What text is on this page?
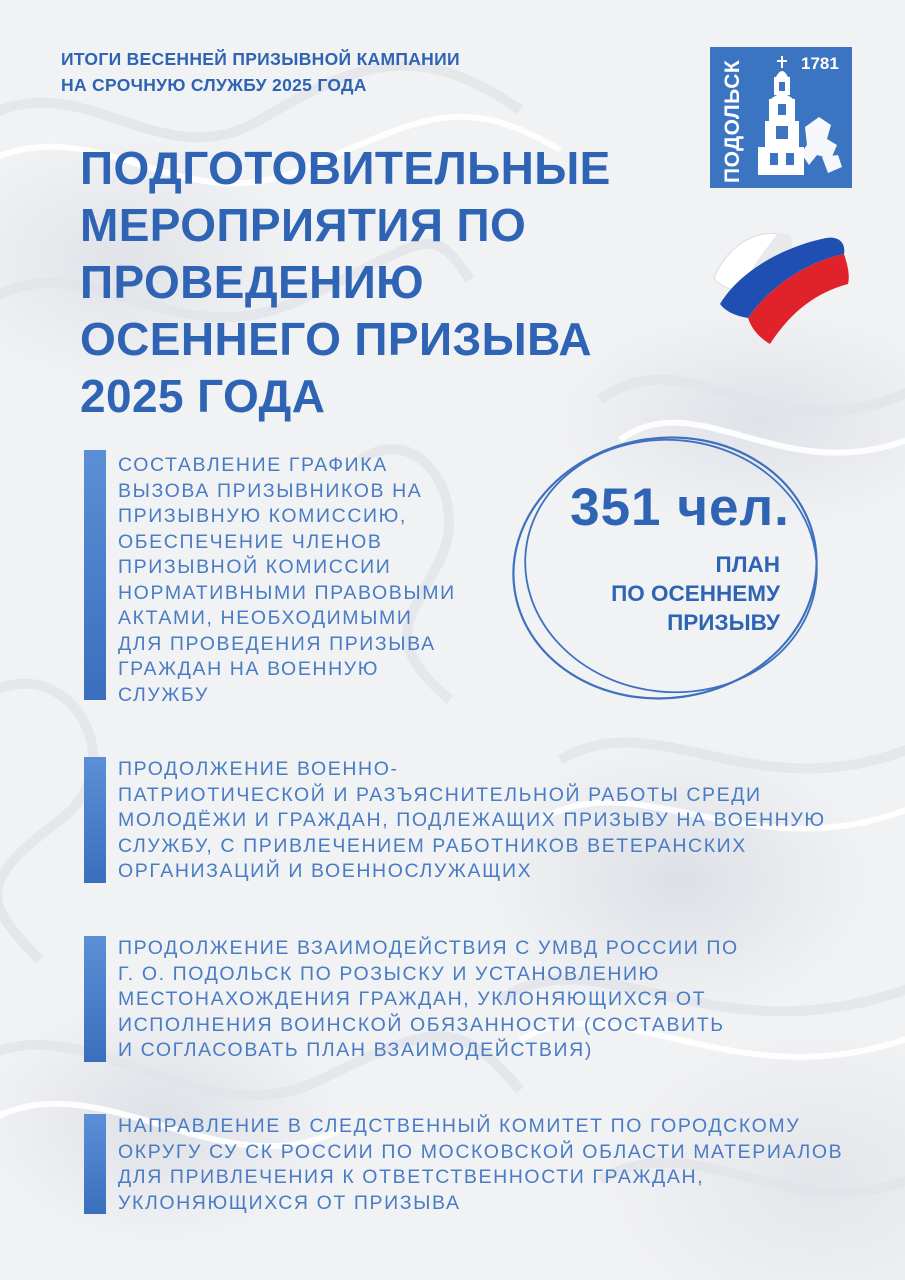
ИТОГИ ВЕСЕННЕЙ ПРИЗЫВНОЙ КАМПАНИИ
НА СРОЧНУЮ СЛУЖБУ 2025 ГОДА
ПОДГОТОВИТЕЛЬНЫЕ
МЕРОПРИЯТИЯ ПО
ПРОВЕДЕНИЮ
ОСЕННЕГО ПРИЗЫВА
2025 ГОДА
ПОДОЛЬСК	1781
351 чел.
ПЛАН
ПО ОСЕННЕМУ
ПРИЗЫВУ
СОСТАВЛЕНИЕ ГРАФИКА
ВЫЗОВА ПРИЗЫВНИКОВ НА
ПРИЗЫВНУЮ КОМИССИЮ,
ОБЕСПЕЧЕНИЕ ЧЛЕНОВ
ПРИЗЫВНОЙ КОМИССИИ
НОРМАТИВНЫМИ ПРАВОВЫМИ
АКТАМИ, НЕОБХОДИМЫМИ
ДЛЯ ПРОВЕДЕНИЯ ПРИЗЫВА
ГРАЖДАН НА ВОЕННУЮ
СЛУЖБУ
ПРОДОЛЖЕНИЕ ВОЕННО-
ПАТРИОТИЧЕСКОЙ И РАЗЪЯСНИТЕЛЬНОЙ РАБОТЫ СРЕДИ
МОЛОДЁЖИ И ГРАЖДАН, ПОДЛЕЖАЩИХ ПРИЗЫВУ НА ВОЕННУЮ
СЛУЖБУ, С ПРИВЛЕЧЕНИЕМ РАБОТНИКОВ ВЕТЕРАНСКИХ
ОРГАНИЗАЦИЙ И ВОЕННОСЛУЖАЩИХ
ПРОДОЛЖЕНИЕ ВЗАИМОДЕЙСТВИЯ С УМВД РОССИИ ПО
Г. О. ПОДОЛЬСК ПО РОЗЫСКУ И УСТАНОВЛЕНИЮ
МЕСТОНАХОЖДЕНИЯ ГРАЖДАН, УКЛОНЯЮЩИХСЯ ОТ
ИСПОЛНЕНИЯ ВОИНСКОЙ ОБЯЗАННОСТИ (СОСТАВИТЬ
И СОГЛАСОВАТЬ ПЛАН ВЗАИМОДЕЙСТВИЯ)
НАПРАВЛЕНИЕ В СЛЕДСТВЕННЫЙ КОМИТЕТ ПО ГОРОДСКОМУ
ОКРУГУ СУ СК РОССИИ ПО МОСКОВСКОЙ ОБЛАСТИ МАТЕРИАЛОВ
ДЛЯ ПРИВЛЕЧЕНИЯ К ОТВЕТСТВЕННОСТИ ГРАЖДАН,
УКЛОНЯЮЩИХСЯ ОТ ПРИЗЫВА
